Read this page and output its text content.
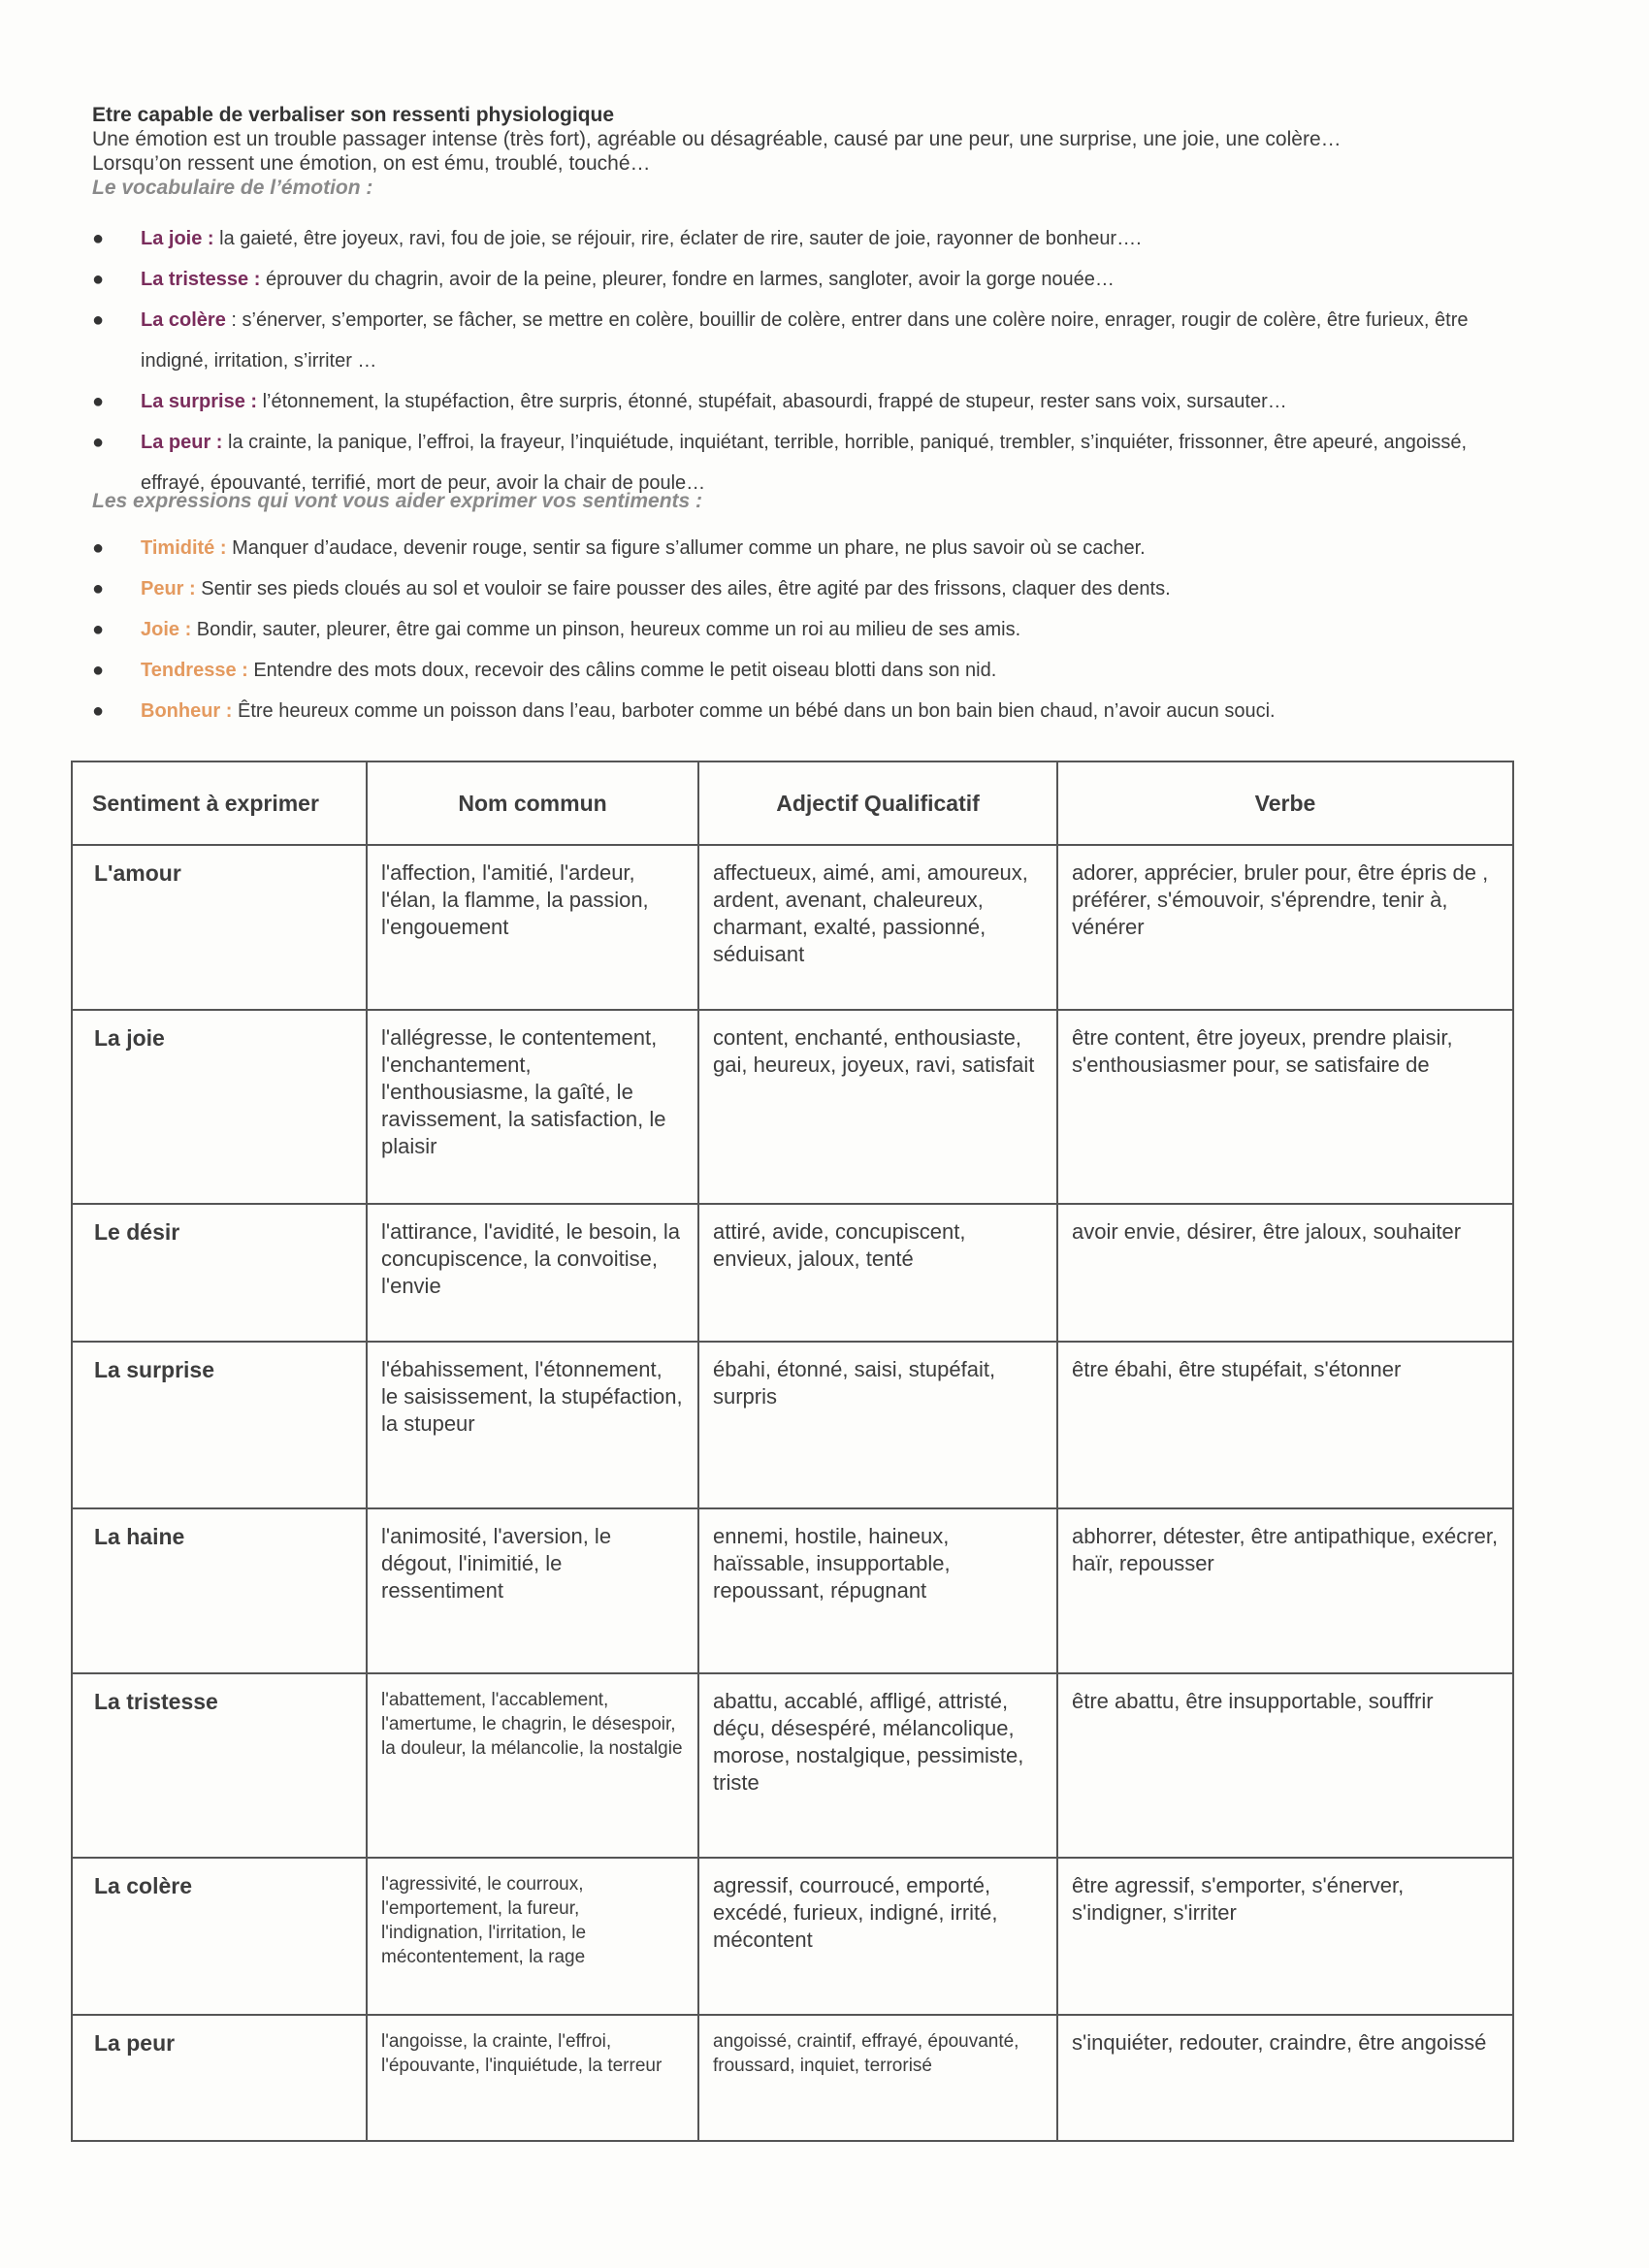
Etre capable de verbaliser son ressenti physiologique
Une émotion est un trouble passager intense (très fort), agréable ou désagréable, causé par une peur, une surprise, une joie, une colère…
Lorsqu’on ressent une émotion, on est ému, troublé, touché…
Le vocabulaire de l’émotion :
● La joie : la gaieté, être joyeux, ravi, fou de joie, se réjouir, rire, éclater de rire, sauter de joie, rayonner de bonheur….
● La tristesse : éprouver du chagrin, avoir de la peine, pleurer, fondre en larmes, sangloter, avoir la gorge nouée…
● La colère : s’énerver, s’emporter, se fâcher, se mettre en colère, bouillir de colère, entrer dans une colère noire, enrager, rougir de colère, être furieux, être indigné, irritation, s’irriter …
● La surprise : l’étonnement, la stupéfaction, être surpris, étonné, stupéfait, abasourdi, frappé de stupeur, rester sans voix, sursauter…
● La peur : la crainte, la panique, l’effroi, la frayeur, l’inquiétude, inquiétant, terrible, horrible, paniqué, trembler, s’inquiéter, frissonner, être apeuré, angoissé, effrayé, épouvanté, terrifié, mort de peur, avoir la chair de poule…
Les expressions qui vont vous aider exprimer vos sentiments :
● Timidité : Manquer d’audace, devenir rouge, sentir sa figure s’allumer comme un phare, ne plus savoir où se cacher.
● Peur : Sentir ses pieds cloués au sol et vouloir se faire pousser des ailes, être agité par des frissons, claquer des dents.
● Joie : Bondir, sauter, pleurer, être gai comme un pinson, heureux comme un roi au milieu de ses amis.
● Tendresse : Entendre des mots doux, recevoir des câlins comme le petit oiseau blotti dans son nid.
● Bonheur : Être heureux comme un poisson dans l’eau, barboter comme un bébé dans un bon bain bien chaud, n’avoir aucun souci.
Sentiment à exprimer	Nom commun	Adjectif Qualificatif	Verbe
L'amour	l'affection, l'amitié, l'ardeur, l'élan, la flamme, la passion, l'engouement	affectueux, aimé, ami, amoureux, ardent, avenant, chaleureux, charmant, exalté, passionné, séduisant	adorer, apprécier, bruler pour, être épris de , préférer, s'émouvoir, s'éprendre, tenir à, vénérer
La joie	l'allégresse, le contentement, l'enchantement, l'enthousiasme, la gaîté, le ravissement, la satisfaction, le plaisir	content, enchanté, enthousiaste, gai, heureux, joyeux, ravi, satisfait	être content, être joyeux, prendre plaisir, s'enthousiasmer pour, se satisfaire de
Le désir	l'attirance, l'avidité, le besoin, la concupiscence, la convoitise, l'envie	attiré, avide, concupiscent, envieux, jaloux, tenté	avoir envie, désirer, être jaloux, souhaiter
La surprise	l'ébahissement, l'étonnement, le saisissement, la stupéfaction, la stupeur	ébahi, étonné, saisi, stupéfait, surpris	être ébahi, être stupéfait, s'étonner
La haine	l'animosité, l'aversion, le dégout, l'inimitié, le ressentiment	ennemi, hostile, haineux, haïssable, insupportable, repoussant, répugnant	abhorrer, détester, être antipathique, exécrer, haïr, repousser
La tristesse	l'abattement, l'accablement, l'amertume, le chagrin, le désespoir, la douleur, la mélancolie, la nostalgie	abattu, accablé, affligé, attristé, déçu, désespéré, mélancolique, morose, nostalgique, pessimiste, triste	être abattu, être insupportable, souffrir
La colère	l'agressivité, le courroux, l'emportement, la fureur, l'indignation, l'irritation, le mécontentement, la rage	agressif, courroucé, emporté, excédé, furieux, indigné, irrité, mécontent	être agressif, s'emporter, s'énerver, s'indigner, s'irriter
La peur	l'angoisse, la crainte, l'effroi, l'épouvante, l'inquiétude, la terreur	angoissé, craintif, effrayé, épouvanté, froussard, inquiet, terrorisé	s'inquiéter, redouter, craindre, être angoissé
